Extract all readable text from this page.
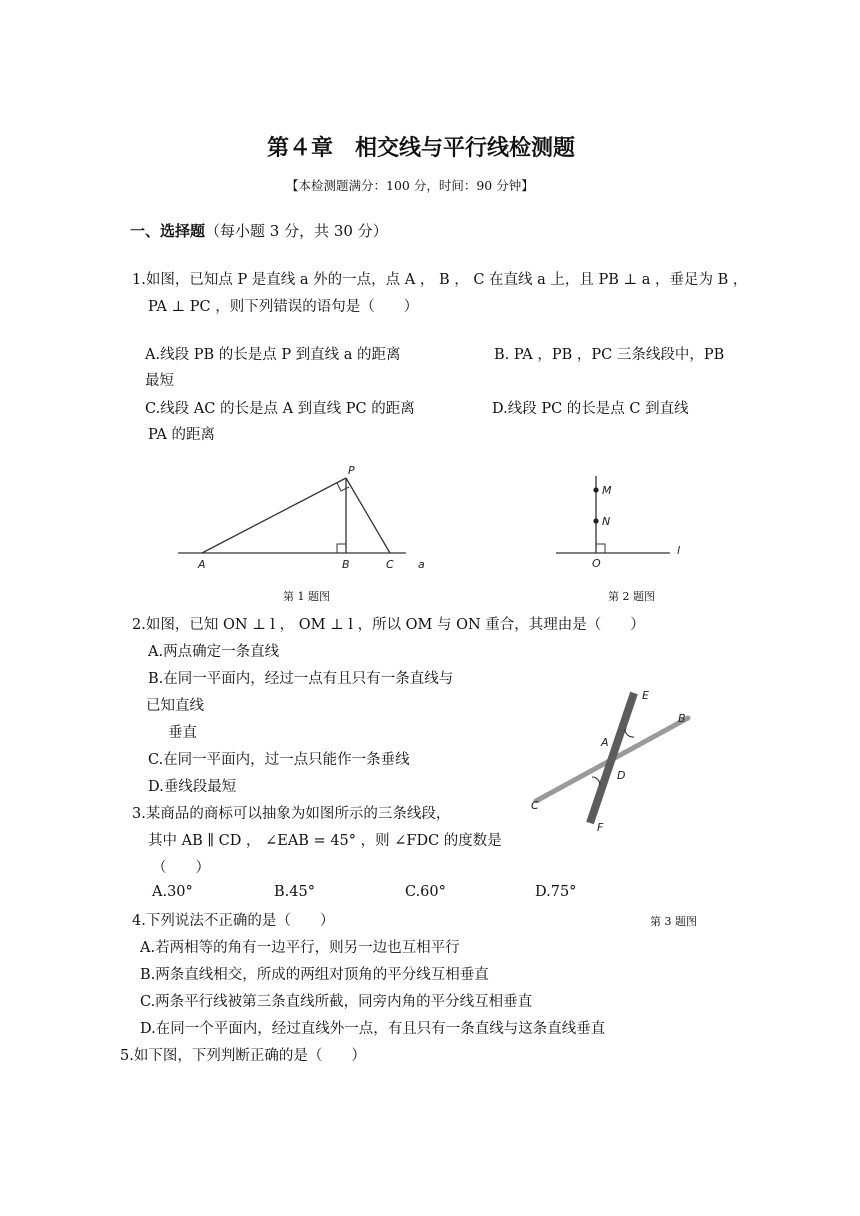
第４章　相交线与平行线检测题
【本检测题满分：100 分，时间：90 分钟】
一、选择题（每小题 3 分，共 30 分）
1.如图，已知点 P 是直线 a 外的一点，点 A ， B ， C 在直线 a 上，且 PB ⊥ a ，垂足为 B ，
PA ⊥ PC ，则下列错误的语句是（　　）
A.线段 PB 的长是点 P 到直线 a 的距离	B. PA ，PB ，PC 三条线段中，PB
最短
C.线段 AC 的长是点 A 到直线 PC 的距离	D.线段 PC 的长是点 C 到直线
PA 的距离
P
A	B	C a
第 1 题图
M
N
O
l
第 2 题图
2.如图，已知 ON ⊥ l ， OM ⊥ l ，所以 OM 与 ON 重合，其理由是（　　）
A.两点确定一条直线
B.在同一平面内，经过一点有且只有一条直线与
已知直线
垂直
C.在同一平面内，过一点只能作一条垂线
D.垂线段最短
E
B
A
D
C
F
3.某商品的商标可以抽象为如图所示的三条线段，
其中 AB ∥ CD ， ∠EAB = 45° ，则 ∠FDC 的度数是
（　　）
A.30°	B.45°	C.60°	D.75°
第 3 题图
4.下列说法不正确的是（　　）
A.若两相等的角有一边平行，则另一边也互相平行
B.两条直线相交，所成的两组对顶角的平分线互相垂直
C.两条平行线被第三条直线所截，同旁内角的平分线互相垂直
D.在同一个平面内，经过直线外一点，有且只有一条直线与这条直线垂直
5.如下图，下列判断正确的是（　　）
